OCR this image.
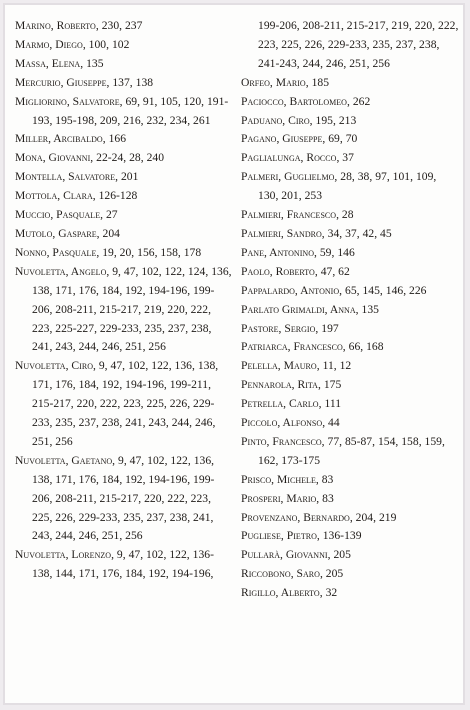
Marino, Roberto, 230, 237
Marmo, Diego, 100, 102
Massa, Elena, 135
Mercurio, Giuseppe, 137, 138
Migliorino, Salvatore, 69, 91, 105, 120, 191-193, 195-198, 209, 216, 232, 234, 261
Miller, Arcibaldo, 166
Mona, Giovanni, 22-24, 28, 240
Montella, Salvatore, 201
Mottola, Clara, 126-128
Muccio, Pasquale, 27
Mutolo, Gaspare, 204
Nonno, Pasquale, 19, 20, 156, 158, 178
Nuvoletta, Angelo, 9, 47, 102, 122, 124, 136, 138, 171, 176, 184, 192, 194-196, 199-206, 208-211, 215-217, 219, 220, 222, 223, 225-227, 229-233, 235, 237, 238, 241, 243, 244, 246, 251, 256
Nuvoletta, Ciro, 9, 47, 102, 122, 136, 138, 171, 176, 184, 192, 194-196, 199-211, 215-217, 220, 222, 223, 225, 226, 229-233, 235, 237, 238, 241, 243, 244, 246, 251, 256
Nuvoletta, Gaetano, 9, 47, 102, 122, 136, 138, 171, 176, 184, 192, 194-196, 199-206, 208-211, 215-217, 220, 222, 223, 225, 226, 229-233, 235, 237, 238, 241, 243, 244, 246, 251, 256
Nuvoletta, Lorenzo, 9, 47, 102, 122, 136-138, 144, 171, 176, 184, 192, 194-196,
199-206, 208-211, 215-217, 219, 220, 222, 223, 225, 226, 229-233, 235, 237, 238, 241-243, 244, 246, 251, 256
Orfeo, Mario, 185
Paciocco, Bartolomeo, 262
Paduano, Ciro, 195, 213
Pagano, Giuseppe, 69, 70
Paglialunga, Rocco, 37
Palmeri, Guglielmo, 28, 38, 97, 101, 109, 130, 201, 253
Palmieri, Francesco, 28
Palmieri, Sandro, 34, 37, 42, 45
Pane, Antonino, 59, 146
Paolo, Roberto, 47, 62
Pappalardo, Antonio, 65, 145, 146, 226
Parlato Grimaldi, Anna, 135
Pastore, Sergio, 197
Patriarca, Francesco, 66, 168
Pelella, Mauro, 11, 12
Pennarola, Rita, 175
Petrella, Carlo, 111
Piccolo, Alfonso, 44
Pinto, Francesco, 77, 85-87, 154, 158, 159, 162, 173-175
Prisco, Michele, 83
Prosperi, Mario, 83
Provenzano, Bernardo, 204, 219
Pugliese, Pietro, 136-139
Pullarà, Giovanni, 205
Riccobono, Saro, 205
Rigillo, Alberto, 32
